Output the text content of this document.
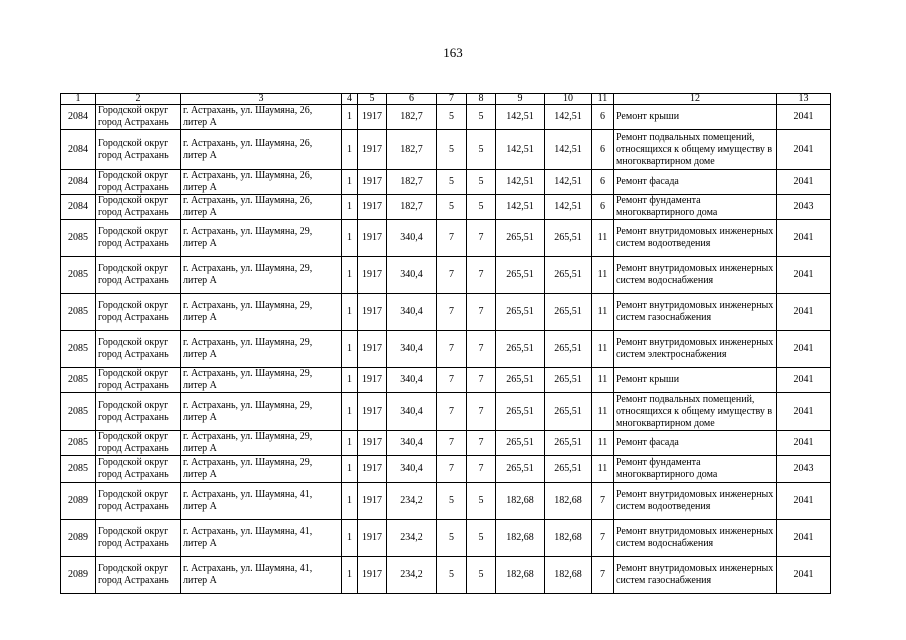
163
1	2	3	4	5	6	7	8	9	10	11	12	13

2084	Городской округ
город Астрахань	г. Астрахань, ул. Шаумяна, 26,
литер А	1	1917	182,7	5	5	142,51	142,51	6	Ремонт крыши	2041

2084	Городской округ
город Астрахань	г. Астрахань, ул. Шаумяна, 26,
литер А	1	1917	182,7	5	5	142,51	142,51	6	Ремонт подвальных помещений,
относящихся к общему имуществу в
многоквартирном доме	2041

2084	Городской округ
город Астрахань	г. Астрахань, ул. Шаумяна, 26,
литер А	1	1917	182,7	5	5	142,51	142,51	6	Ремонт фасада	2041

2084	Городской округ
город Астрахань	г. Астрахань, ул. Шаумяна, 26,
литер А	1	1917	182,7	5	5	142,51	142,51	6	Ремонт фундамента
многоквартирного дома	2043

2085	Городской округ
город Астрахань	г. Астрахань, ул. Шаумяна, 29,
литер А	1	1917	340,4	7	7	265,51	265,51	11	Ремонт внутридомовых инженерных
систем водоотведения	2041

2085	Городской округ
город Астрахань	г. Астрахань, ул. Шаумяна, 29,
литер А	1	1917	340,4	7	7	265,51	265,51	11	Ремонт внутридомовых инженерных
систем водоснабжения	2041

2085	Городской округ
город Астрахань	г. Астрахань, ул. Шаумяна, 29,
литер А	1	1917	340,4	7	7	265,51	265,51	11	Ремонт внутридомовых инженерных
систем газоснабжения	2041

2085	Городской округ
город Астрахань	г. Астрахань, ул. Шаумяна, 29,
литер А	1	1917	340,4	7	7	265,51	265,51	11	Ремонт внутридомовых инженерных
систем электроснабжения	2041

2085	Городской округ
город Астрахань	г. Астрахань, ул. Шаумяна, 29,
литер А	1	1917	340,4	7	7	265,51	265,51	11	Ремонт крыши	2041

2085	Городской округ
город Астрахань	г. Астрахань, ул. Шаумяна, 29,
литер А	1	1917	340,4	7	7	265,51	265,51	11	Ремонт подвальных помещений,
относящихся к общему имуществу в
многоквартирном доме	2041

2085	Городской округ
город Астрахань	г. Астрахань, ул. Шаумяна, 29,
литер А	1	1917	340,4	7	7	265,51	265,51	11	Ремонт фасада	2041

2085	Городской округ
город Астрахань	г. Астрахань, ул. Шаумяна, 29,
литер А	1	1917	340,4	7	7	265,51	265,51	11	Ремонт фундамента
многоквартирного дома	2043

2089	Городской округ
город Астрахань	г. Астрахань, ул. Шаумяна, 41,
литер А	1	1917	234,2	5	5	182,68	182,68	7	Ремонт внутридомовых инженерных
систем водоотведения	2041

2089	Городской округ
город Астрахань	г. Астрахань, ул. Шаумяна, 41,
литер А	1	1917	234,2	5	5	182,68	182,68	7	Ремонт внутридомовых инженерных
систем водоснабжения	2041

2089	Городской округ
город Астрахань	г. Астрахань, ул. Шаумяна, 41,
литер А	1	1917	234,2	5	5	182,68	182,68	7	Ремонт внутридомовых инженерных
систем газоснабжения	2041
